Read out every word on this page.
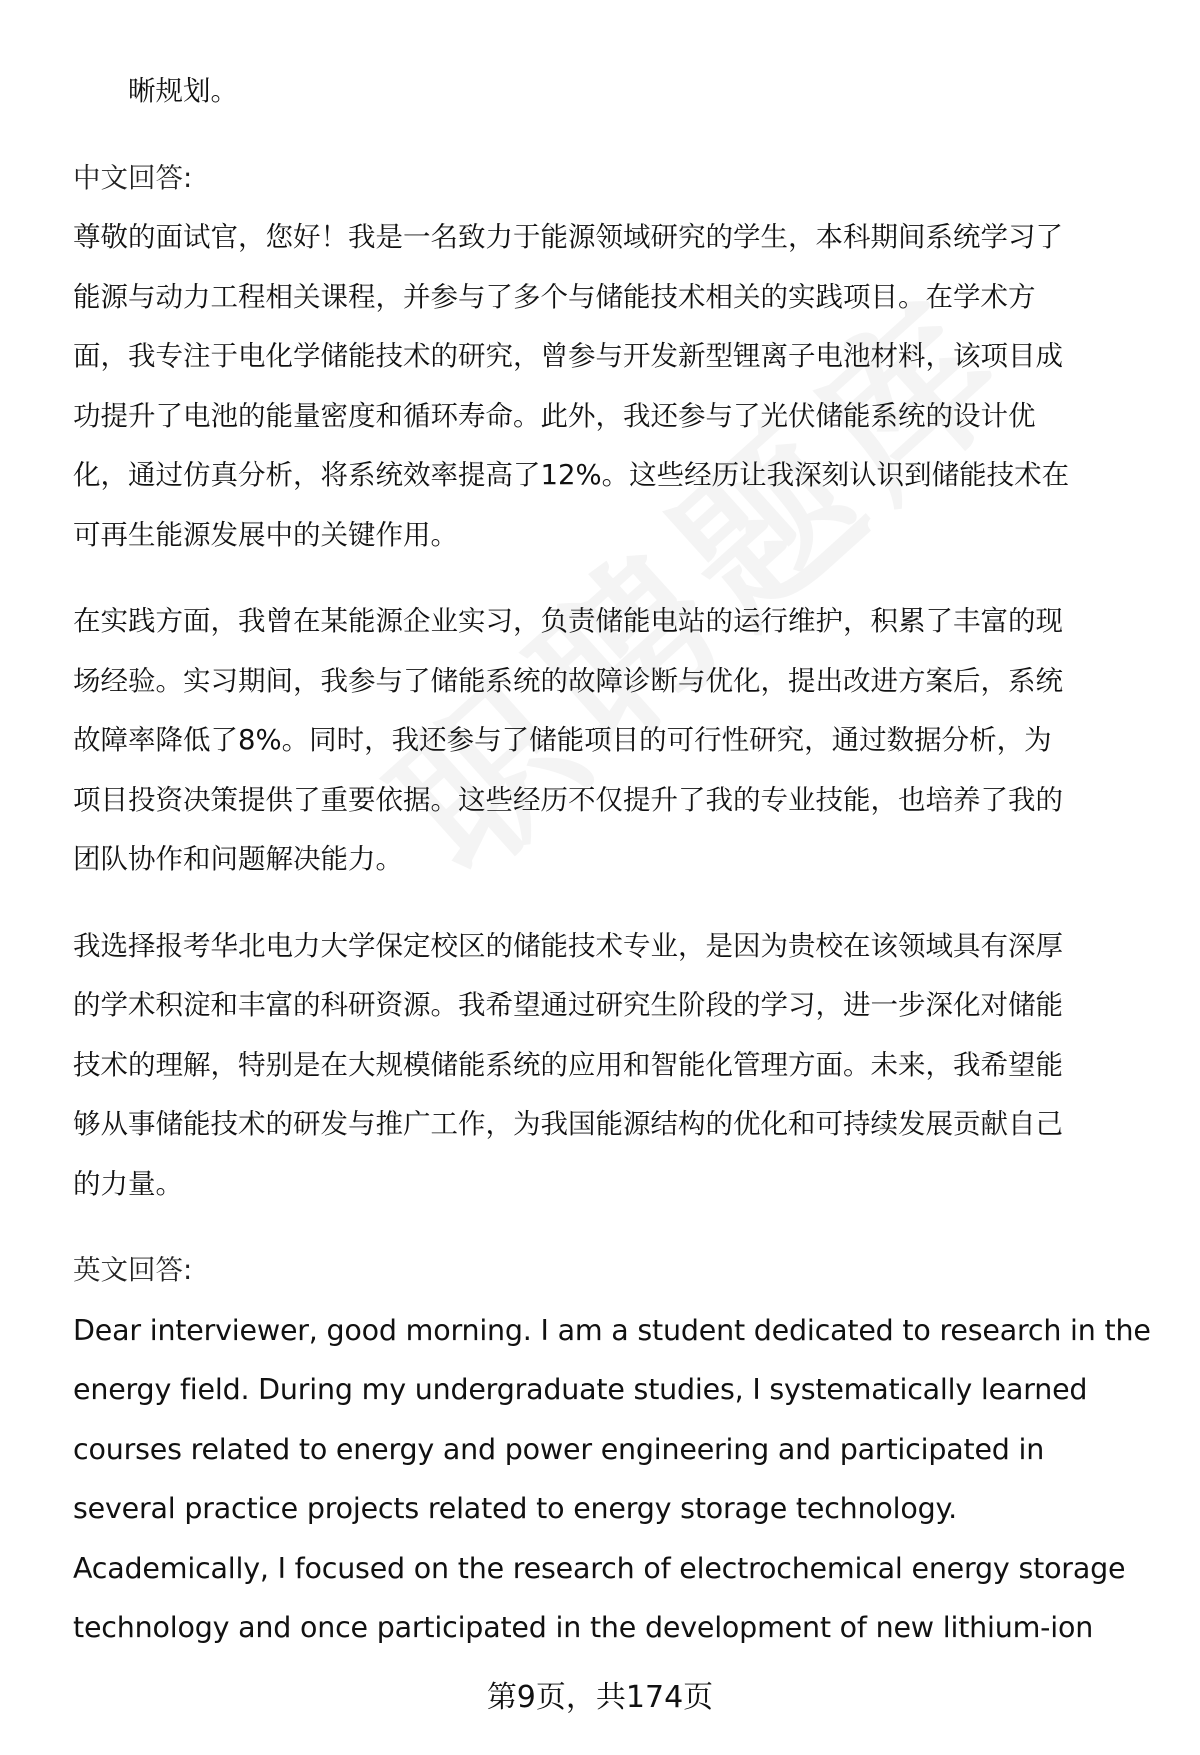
晰规划。
中文回答:
尊敬的面试官，您好！我是一名致力于能源领域研究的学生，本科期间系统学习了
能源与动力工程相关课程，并参与了多个与储能技术相关的实践项目。在学术方
面，我专注于电化学储能技术的研究，曾参与开发新型锂离子电池材料，该项目成
功提升了电池的能量密度和循环寿命。此外，我还参与了光伏储能系统的设计优
化，通过仿真分析，将系统效率提高了12%。这些经历让我深刻认识到储能技术在
可再生能源发展中的关键作用。
在实践方面，我曾在某能源企业实习，负责储能电站的运行维护，积累了丰富的现
场经验。实习期间，我参与了储能系统的故障诊断与优化，提出改进方案后，系统
故障率降低了8%。同时，我还参与了储能项目的可行性研究，通过数据分析，为
项目投资决策提供了重要依据。这些经历不仅提升了我的专业技能，也培养了我的
团队协作和问题解决能力。
我选择报考华北电力大学保定校区的储能技术专业，是因为贵校在该领域具有深厚
的学术积淀和丰富的科研资源。我希望通过研究生阶段的学习，进一步深化对储能
技术的理解，特别是在大规模储能系统的应用和智能化管理方面。未来，我希望能
够从事储能技术的研发与推广工作，为我国能源结构的优化和可持续发展贡献自己
的力量。
英文回答:
Dear interviewer, good morning. I am a student dedicated to research in the
energy field. During my undergraduate studies, I systematically learned
courses related to energy and power engineering and participated in
several practice projects related to energy storage technology.
Academically, I focused on the research of electrochemical energy storage
technology and once participated in the development of new lithium-ion
第9页，共174页
